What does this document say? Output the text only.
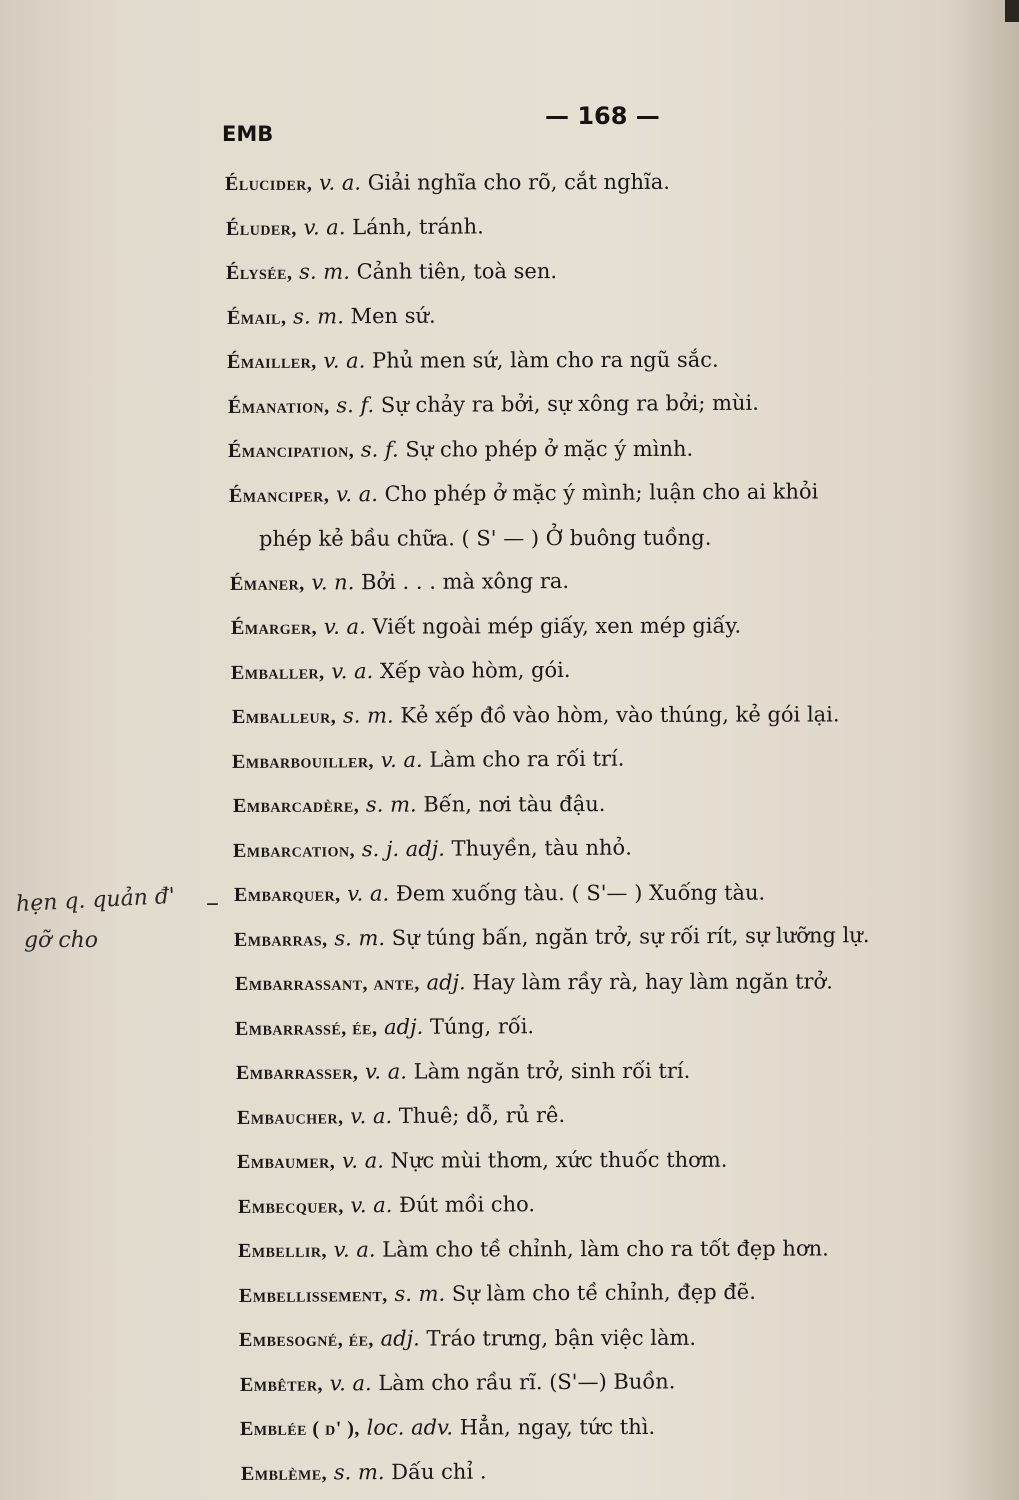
EMB
— 168 —
hẹn q. quản đ'
gỡ cho
–
Élucider, v. a. Giải nghĩa cho rõ, cắt nghĩa.
Éluder, v. a. Lánh, tránh.
Élysée, s. m. Cảnh tiên, toà sen.
Émail, s. m. Men sứ.
Émailler, v. a. Phủ men sứ, làm cho ra ngũ sắc.
Émanation, s. f. Sự chảy ra bởi, sự xông ra bởi; mùi.
Émancipation, s. f. Sự cho phép ở mặc ý mình.
Émanciper, v. a. Cho phép ở mặc ý mình; luận cho ai khỏi
phép kẻ bầu chữa. ( S' — ) Ở buông tuồng.
Émaner, v. n. Bởi . . . mà xông ra.
Émarger, v. a. Viết ngoài mép giấy, xen mép giấy.
Emballer, v. a. Xếp vào hòm, gói.
Emballeur, s. m. Kẻ xếp đồ vào hòm, vào thúng, kẻ gói lại.
Embarbouiller, v. a. Làm cho ra rối trí.
Embarcadère, s. m. Bến, nơi tàu đậu.
Embarcation, s. j. adj. Thuyền, tàu nhỏ.
Embarquer, v. a. Đem xuống tàu. ( S'— ) Xuống tàu.
Embarras, s. m. Sự túng bấn, ngăn trở, sự rối rít, sự lưỡng lự.
Embarrassant, ante, adj. Hay làm rầy rà, hay làm ngăn trở.
Embarrassé, ée, adj. Túng, rối.
Embarrasser, v. a. Làm ngăn trở, sinh rối trí.
Embaucher, v. a. Thuê; dỗ, rủ rê.
Embaumer, v. a. Nực mùi thơm, xức thuốc thơm.
Embecquer, v. a. Đút mồi cho.
Embellir, v. a. Làm cho tề chỉnh, làm cho ra tốt đẹp hơn.
Embellissement, s. m. Sự làm cho tề chỉnh, đẹp đẽ.
Embesogné, ée, adj. Tráo trưng, bận việc làm.
Embêter, v. a. Làm cho rầu rĩ. (S'—) Buồn.
Emblée ( d' ), loc. adv. Hẳn, ngay, tức thì.
Emblème, s. m. Dấu chỉ .
